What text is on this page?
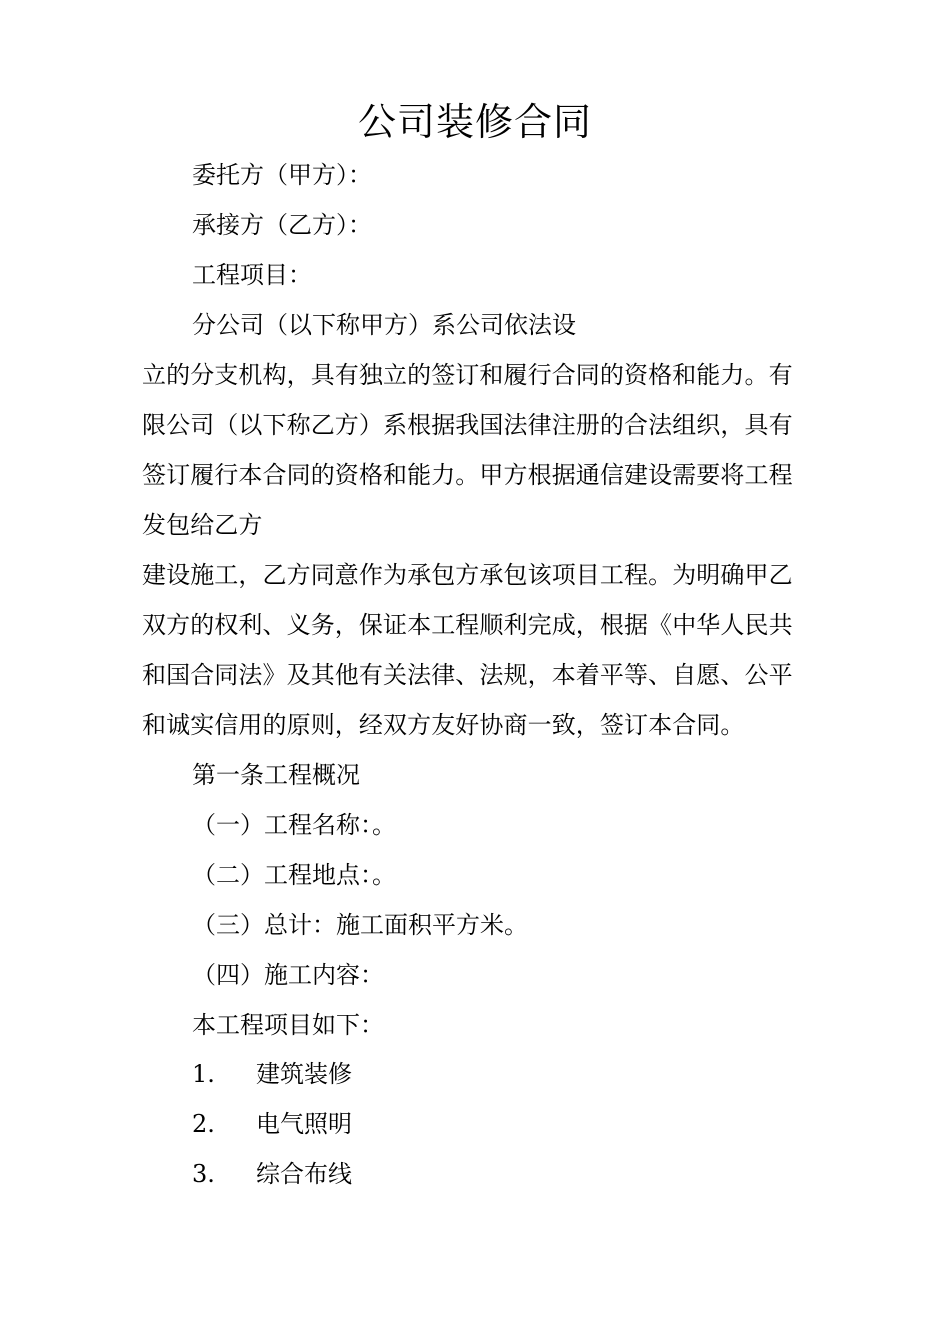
公司装修合同
委托方（甲方）：
承接方（乙方）：
工程项目：
分公司（以下称甲方）系公司依法设
立的分支机构，具有独立的签订和履行合同的资格和能力。有
限公司（以下称乙方）系根据我国法律注册的合法组织，具有
签订履行本合同的资格和能力。甲方根据通信建设需要将工程
发包给乙方
建设施工，乙方同意作为承包方承包该项目工程。为明确甲乙
双方的权利、义务，保证本工程顺利完成，根据《中华人民共
和国合同法》及其他有关法律、法规，本着平等、自愿、公平
和诚实信用的原则，经双方友好协商一致，签订本合同。
第一条工程概况
（一）工程名称：。
（二）工程地点：。
（三）总计：施工面积平方米。
（四）施工内容：
本工程项目如下：
1. 建筑装修
2. 电气照明
3. 综合布线
